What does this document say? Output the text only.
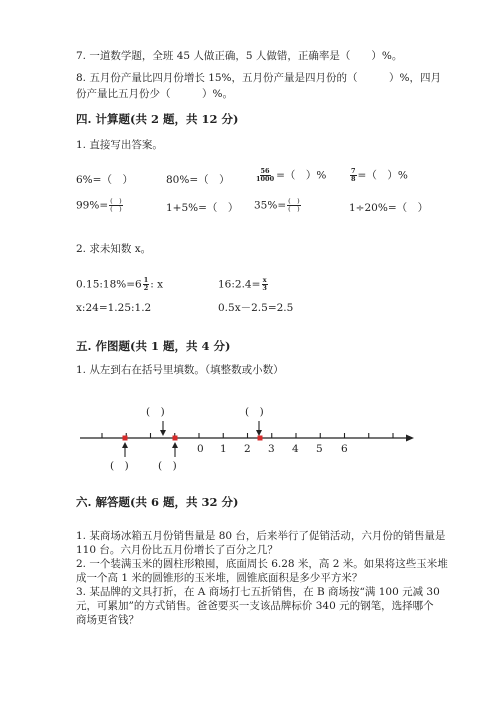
7. 一道数学题，全班 45 人做正确，5 人做错，正确率是（　　）%。
8. 五月份产量比四月份增长 15%，五月份产量是四月份的（　　　）%，四月
份产量比五月份少（　　　）%。
四. 计算题(共 2 题，共 12 分)
1. 直接写出答案。
6%=（　）	80%=（　）	$\frac{56}{1000}$ =（　）%	$\frac{7}{8}$ =（　）%
$99\%= \frac{( )}{( )}$	1+5%=（　） $35\%= \frac{( )}{( )}$	1÷20%=（　）
2. 求未知数 x。
0.15:18%=6 $\frac{1}{2}$ : x	16:2.4= $\frac{x}{3}$
x:24=1.25:1.2	0.5x－2.5=2.5
五. 作图题(共 1 题，共 4 分)
1. 从左到右在括号里填数。（填整数或小数）
0 1 2 3 4 5 6
(　)	(　)
(　)	(　)
六. 解答题(共 6 题，共 32 分)
1. 某商场冰箱五月份销售量是 80 台，后来举行了促销活动，六月份的销售量是
110 台。六月份比五月份增长了百分之几？
2. 一个装满玉米的圆柱形粮囤，底面周长 6.28 米，高 2 米。如果将这些玉米堆
成一个高 1 米的圆锥形的玉米堆，圆锥底面积是多少平方米？
3. 某品牌的文具打折，在 A 商场打七五折销售，在 B 商场按“满 100 元减 30
元，可累加”的方式销售。爸爸要买一支该品牌标价 340 元的钢笔，选择哪个
商场更省钱？
